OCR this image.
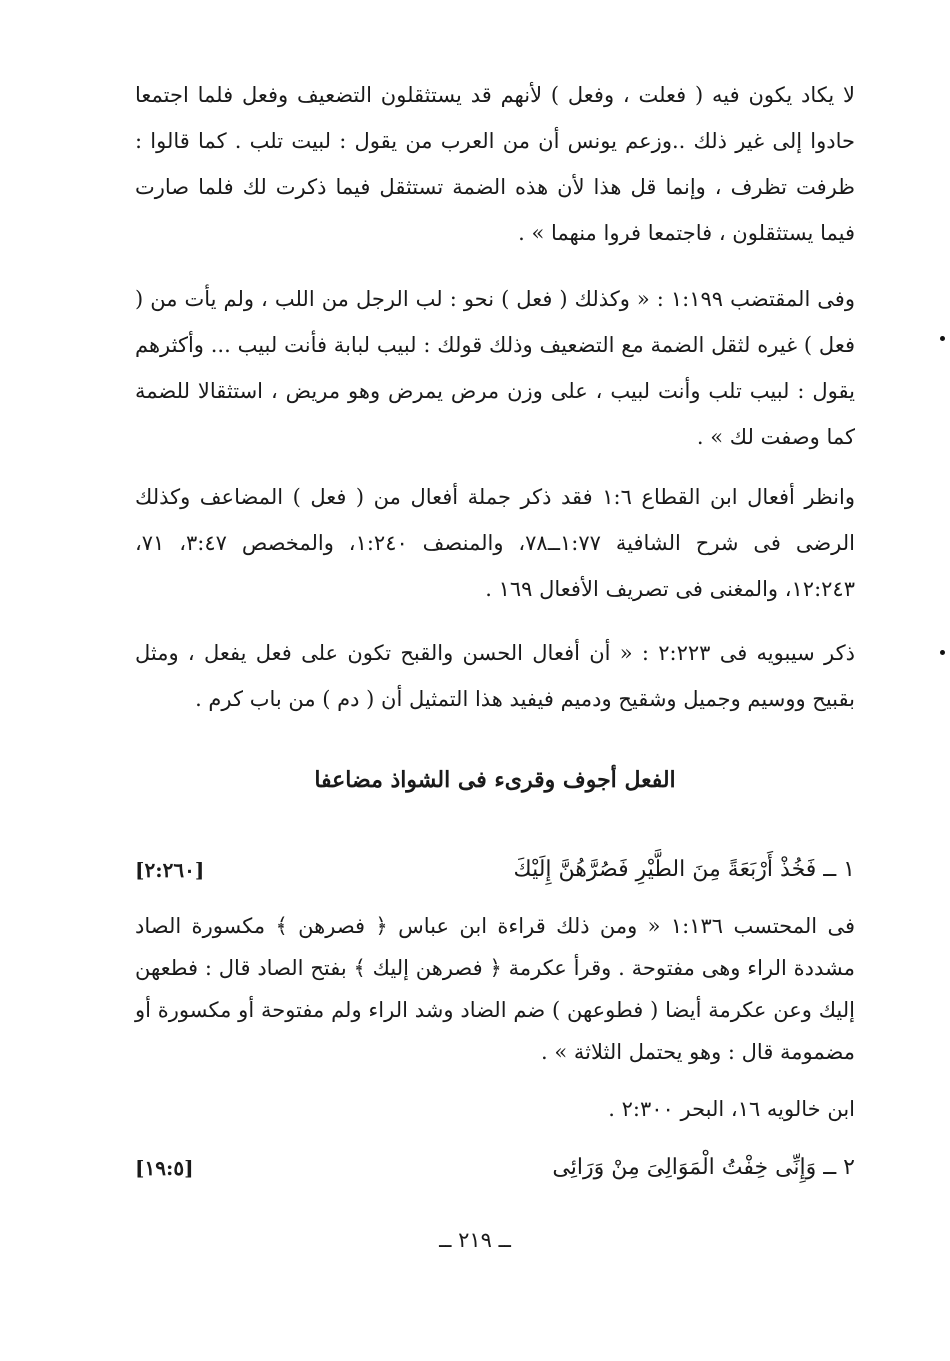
لا يكاد يكون فيه ( فعلت ، وفعل ) لأنهم قد يستثقلون التضعيف وفعل فلما اجتمعا حادوا إلى غير ذلك ..وزعم يونس أن من العرب من يقول : لبيت تلب . كما قالوا : ظرفت تظرف ، وإنما قل هذا لأن هذه الضمة تستثقل فيما ذكرت لك فلما صارت فيما يستثقلون ، فاجتمعا فروا منهما » .
وفى المقتضب ١:١٩٩ : « وكذلك ( فعل ) نحو : لب الرجل من اللب ، ولم يأت من ( فعل ) غيره لثقل الضمة مع التضعيف وذلك قولك : لبيب لبابة فأنت لبيب ... وأكثرهم يقول : لبيب تلب وأنت لبيب ، على وزن مرض يمرض وهو مريض ، استثقالا للضمة كما وصفت لك » .
وانظر أفعال ابن القطاع ١:٦ فقد ذكر جملة أفعال من ( فعل ) المضاعف وكذلك الرضى فى شرح الشافية ١:٧٧ــ٧٨، والمنصف ١:٢٤٠، والمخصص ٣:٤٧، ٧١، ١٢:٢٤٣، والمغنى فى تصريف الأفعال ١٦٩ .
ذكر سيبويه فى ٢:٢٢٣ : « أن أفعال الحسن والقبح تكون على فعل يفعل ، ومثل بقبيح ووسيم وجميل وشقيح ودميم فيفيد هذا التمثيل أن ( دم ) من باب كرم .
الفعل أجوف وقرىء فى الشواذ مضاعفا
١ ــ فَخُذْ أَرْبَعَةً مِنَ الطَّيْرِ فَصُرَّهُنَّ إِلَيْكَ
[٢:٢٦٠]
فى المحتسب ١:١٣٦ « ومن ذلك قراءة ابن عباس ﴿ فصرهن ﴾ مكسورة الصاد مشددة الراء وهى مفتوحة . وقرأ عكرمة ﴿ فصرهن إليك ﴾ بفتح الصاد قال : فطعهن إليك وعن عكرمة أيضا ( فطوعهن ) ضم الضاد وشد الراء ولم مفتوحة أو مكسورة أو مضمومة قال : وهو يحتمل الثلاثة » .
ابن خالويه ١٦، البحر ٢:٣٠٠ .
٢ ــ وَإِنِّى خِفْتُ الْمَوَالِىَ مِنْ وَرَائِى
[١٩:٥]
ــ ٢١٩ ــ
